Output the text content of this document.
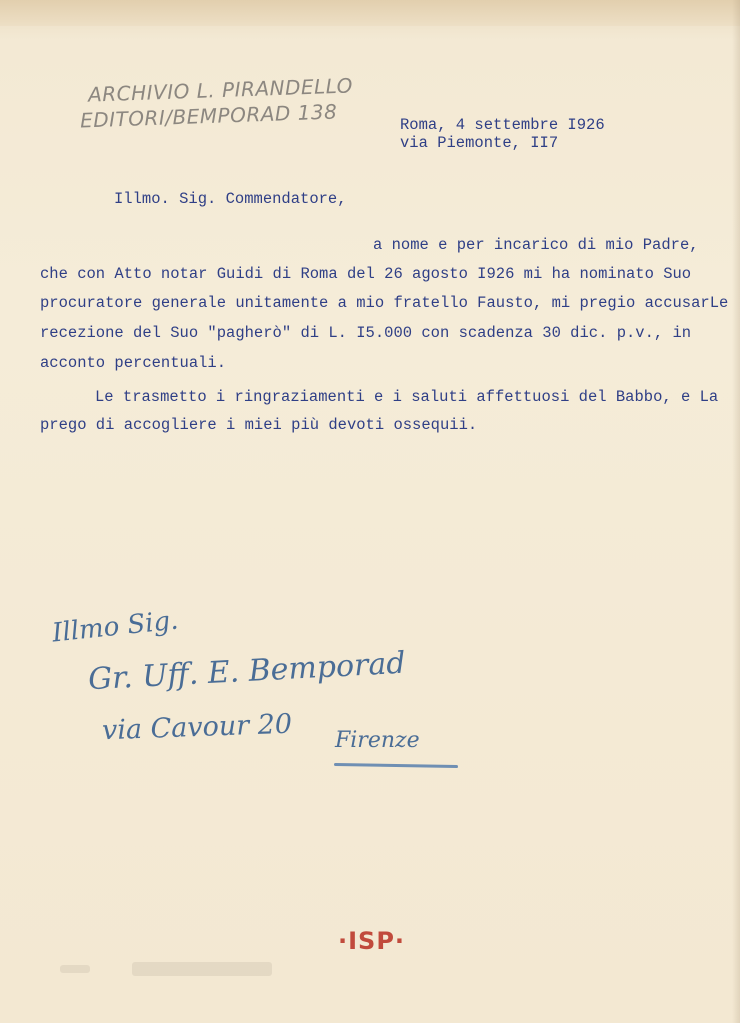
ARCHIVIO L. PIRANDELLO
EDITORI/BEMPORAD 138	Roma, 4 settembre I926
via Piemonte, II7
Illmo. Sig. Commendatore,
a nome e per incarico di mio Padre,
che con Atto notar Guidi di Roma del 26 agosto I926 mi ha nominato Suo
procuratore generale unitamente a mio fratello Fausto, mi pregio accusarLe
recezione del Suo "pagherò" di L. I5.000 con scadenza 30 dic. p.v., in
acconto percentuali.
Le trasmetto i ringraziamenti e i saluti affettuosi del Babbo, e La
prego di accogliere i miei più devoti ossequii.
Illmo Sig.
Gr. Uff. E. Bemporad
via Cavour 20 Firenze
·ISP·
